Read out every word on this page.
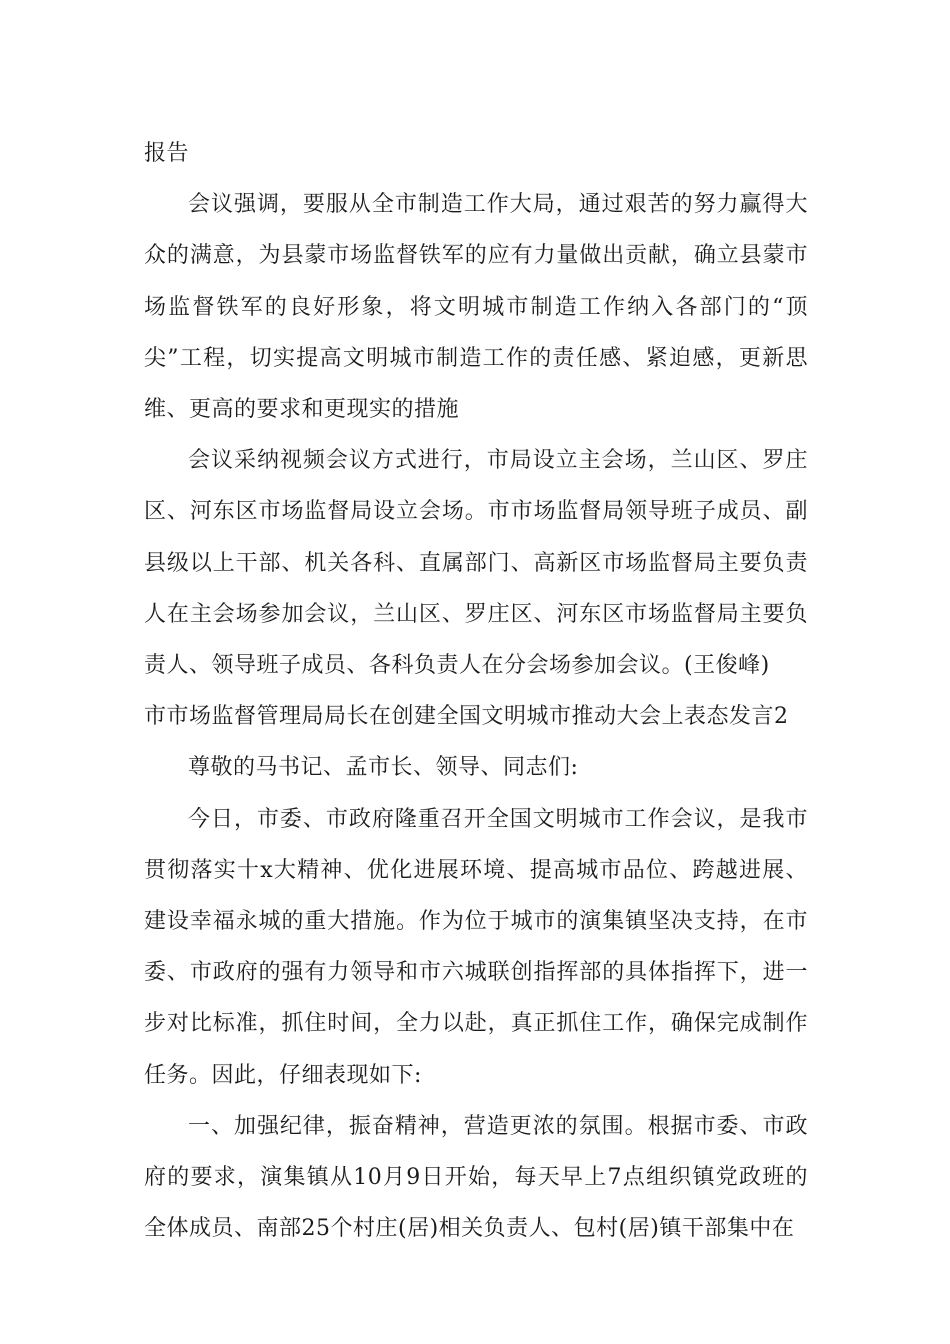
报告

会议强调，要服从全市制造工作大局，通过艰苦的努力赢得大众的满意，为县蒙市场监督铁军的应有力量做出贡献，确立县蒙市场监督铁军的良好形象，将文明城市制造工作纳入各部门的“顶尖”工程，切实提高文明城市制造工作的责任感、紧迫感，更新思维、更高的要求和更现实的措施

会议采纳视频会议方式进行，市局设立主会场，兰山区、罗庄区、河东区市场监督局设立会场。市市场监督局领导班子成员、副县级以上干部、机关各科、直属部门、高新区市场监督局主要负责人在主会场参加会议，兰山区、罗庄区、河东区市场监督局主要负责人、领导班子成员、各科负责人在分会场参加会议。(王俊峰)

市市场监督管理局局长在创建全国文明城市推动大会上表态发言2

尊敬的马书记、孟市长、领导、同志们:

今日，市委、市政府隆重召开全国文明城市工作会议，是我市贯彻落实十x大精神、优化进展环境、提高城市品位、跨越进展、建设幸福永城的重大措施。作为位于城市的演集镇坚决支持，在市委、市政府的强有力领导和市六城联创指挥部的具体指挥下，进一步对比标准，抓住时间，全力以赴，真正抓住工作，确保完成制作任务。因此，仔细表现如下:

一、加强纪律，振奋精神，营造更浓的氛围。根据市委、市政府的要求，演集镇从10月9日开始，每天早上7点组织镇党政班的全体成员、南部25个村庄(居)相关负责人、包村(居)镇干部集中在
